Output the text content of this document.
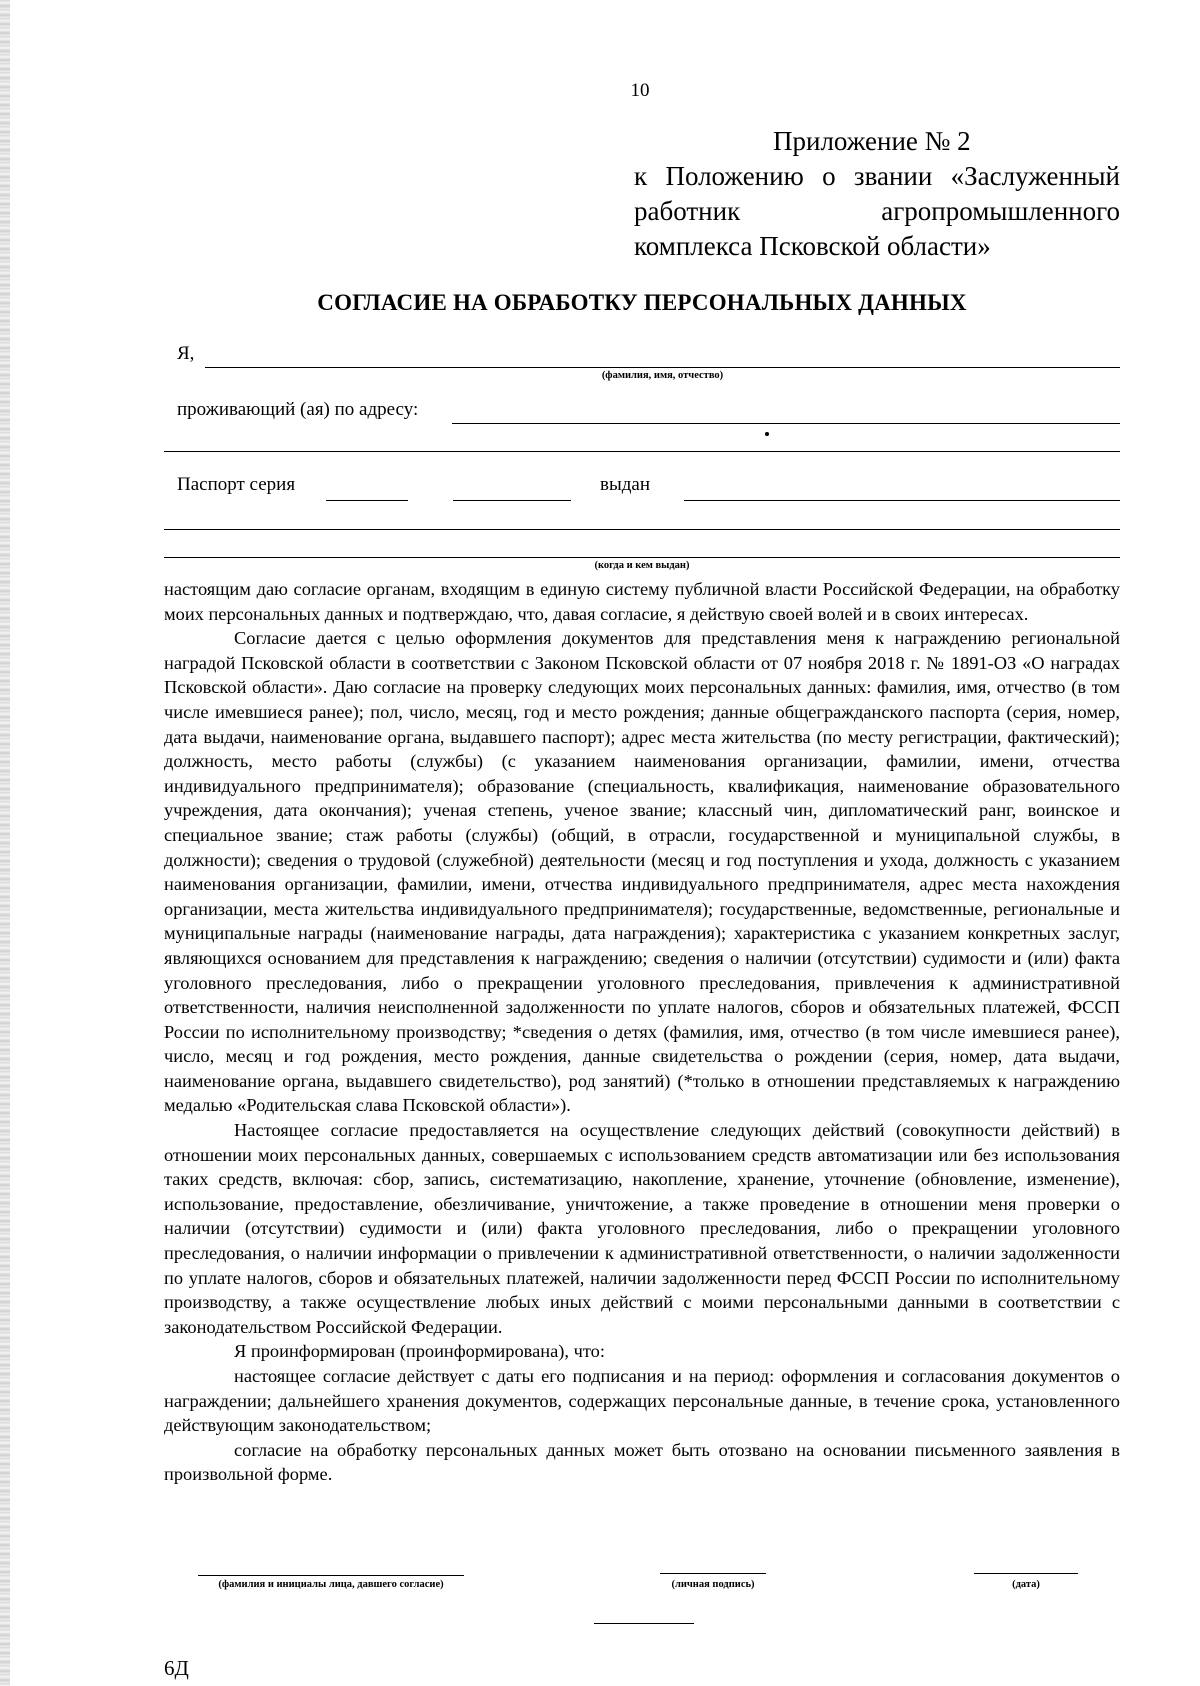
10
Приложение № 2
к Положению о звании «Заслуженный
работник агропромышленного
комплекса Псковской области»
СОГЛАСИЕ НА ОБРАБОТКУ ПЕРСОНАЛЬНЫХ ДАННЫХ
Я,
(фамилия, имя, отчество)
проживающий (ая) по адресу:
Паспорт серия	выдан
(когда и кем выдан)

настоящим даю согласие органам, входящим в единую систему публичной власти Российской Федерации, на обработку моих персональных данных и подтверждаю, что, давая согласие, я действую своей волей и в своих интересах.

Согласие дается с целью оформления документов для представления меня к награждению региональной наградой Псковской области в соответствии с Законом Псковской области от 07 ноября 2018 г. № 1891-ОЗ «О наградах Псковской области». Даю согласие на проверку следующих моих персональных данных: фамилия, имя, отчество (в том числе имевшиеся ранее); пол, число, месяц, год и место рождения; данные общегражданского паспорта (серия, номер, дата выдачи, наименование органа, выдавшего паспорт); адрес места жительства (по месту регистрации, фактический); должность, место работы (службы) (с указанием наименования организации, фамилии, имени, отчества индивидуального предпринимателя); образование (специальность, квалификация, наименование образовательного учреждения, дата окончания); ученая степень, ученое звание; классный чин, дипломатический ранг, воинское и специальное звание; стаж работы (службы) (общий, в отрасли, государственной и муниципальной службы, в должности); сведения о трудовой (служебной) деятельности (месяц и год поступления и ухода, должность с указанием наименования организации, фамилии, имени, отчества индивидуального предпринимателя, адрес места нахождения организации, места жительства индивидуального предпринимателя); государственные, ведомственные, региональные и муниципальные награды (наименование награды, дата награждения); характеристика с указанием конкретных заслуг, являющихся основанием для представления к награждению; сведения о наличии (отсутствии) судимости и (или) факта уголовного преследования, либо о прекращении уголовного преследования, привлечения к административной ответственности, наличия неисполненной задолженности по уплате налогов, сборов и обязательных платежей, ФССП России по исполнительному производству; *сведения о детях (фамилия, имя, отчество (в том числе имевшиеся ранее), число, месяц и год рождения, место рождения, данные свидетельства о рождении (серия, номер, дата выдачи, наименование органа, выдавшего свидетельство), род занятий) (*только в отношении представляемых к награждению медалью «Родительская слава Псковской области»).

Настоящее согласие предоставляется на осуществление следующих действий (совокупности действий) в отношении моих персональных данных, совершаемых с использованием средств автоматизации или без использования таких средств, включая: сбор, запись, систематизацию, накопление, хранение, уточнение (обновление, изменение), использование, предоставление, обезличивание, уничтожение, а также проведение в отношении меня проверки о наличии (отсутствии) судимости и (или) факта уголовного преследования, либо о прекращении уголовного преследования, о наличии информации о привлечении к административной ответственности, о наличии задолженности по уплате налогов, сборов и обязательных платежей, наличии задолженности перед ФССП России по исполнительному производству, а также осуществление любых иных действий с моими персональными данными в соответствии с законодательством Российской Федерации.

Я проинформирован (проинформирована), что:

настоящее согласие действует с даты его подписания и на период: оформления и согласования документов о награждении; дальнейшего хранения документов, содержащих персональные данные, в течение срока, установленного действующим законодательством;

согласие на обработку персональных данных может быть отозвано на основании письменного заявления в произвольной форме.

(фамилия и инициалы лица, давшего согласие)	(личная подпись)	(дата)
6Д
